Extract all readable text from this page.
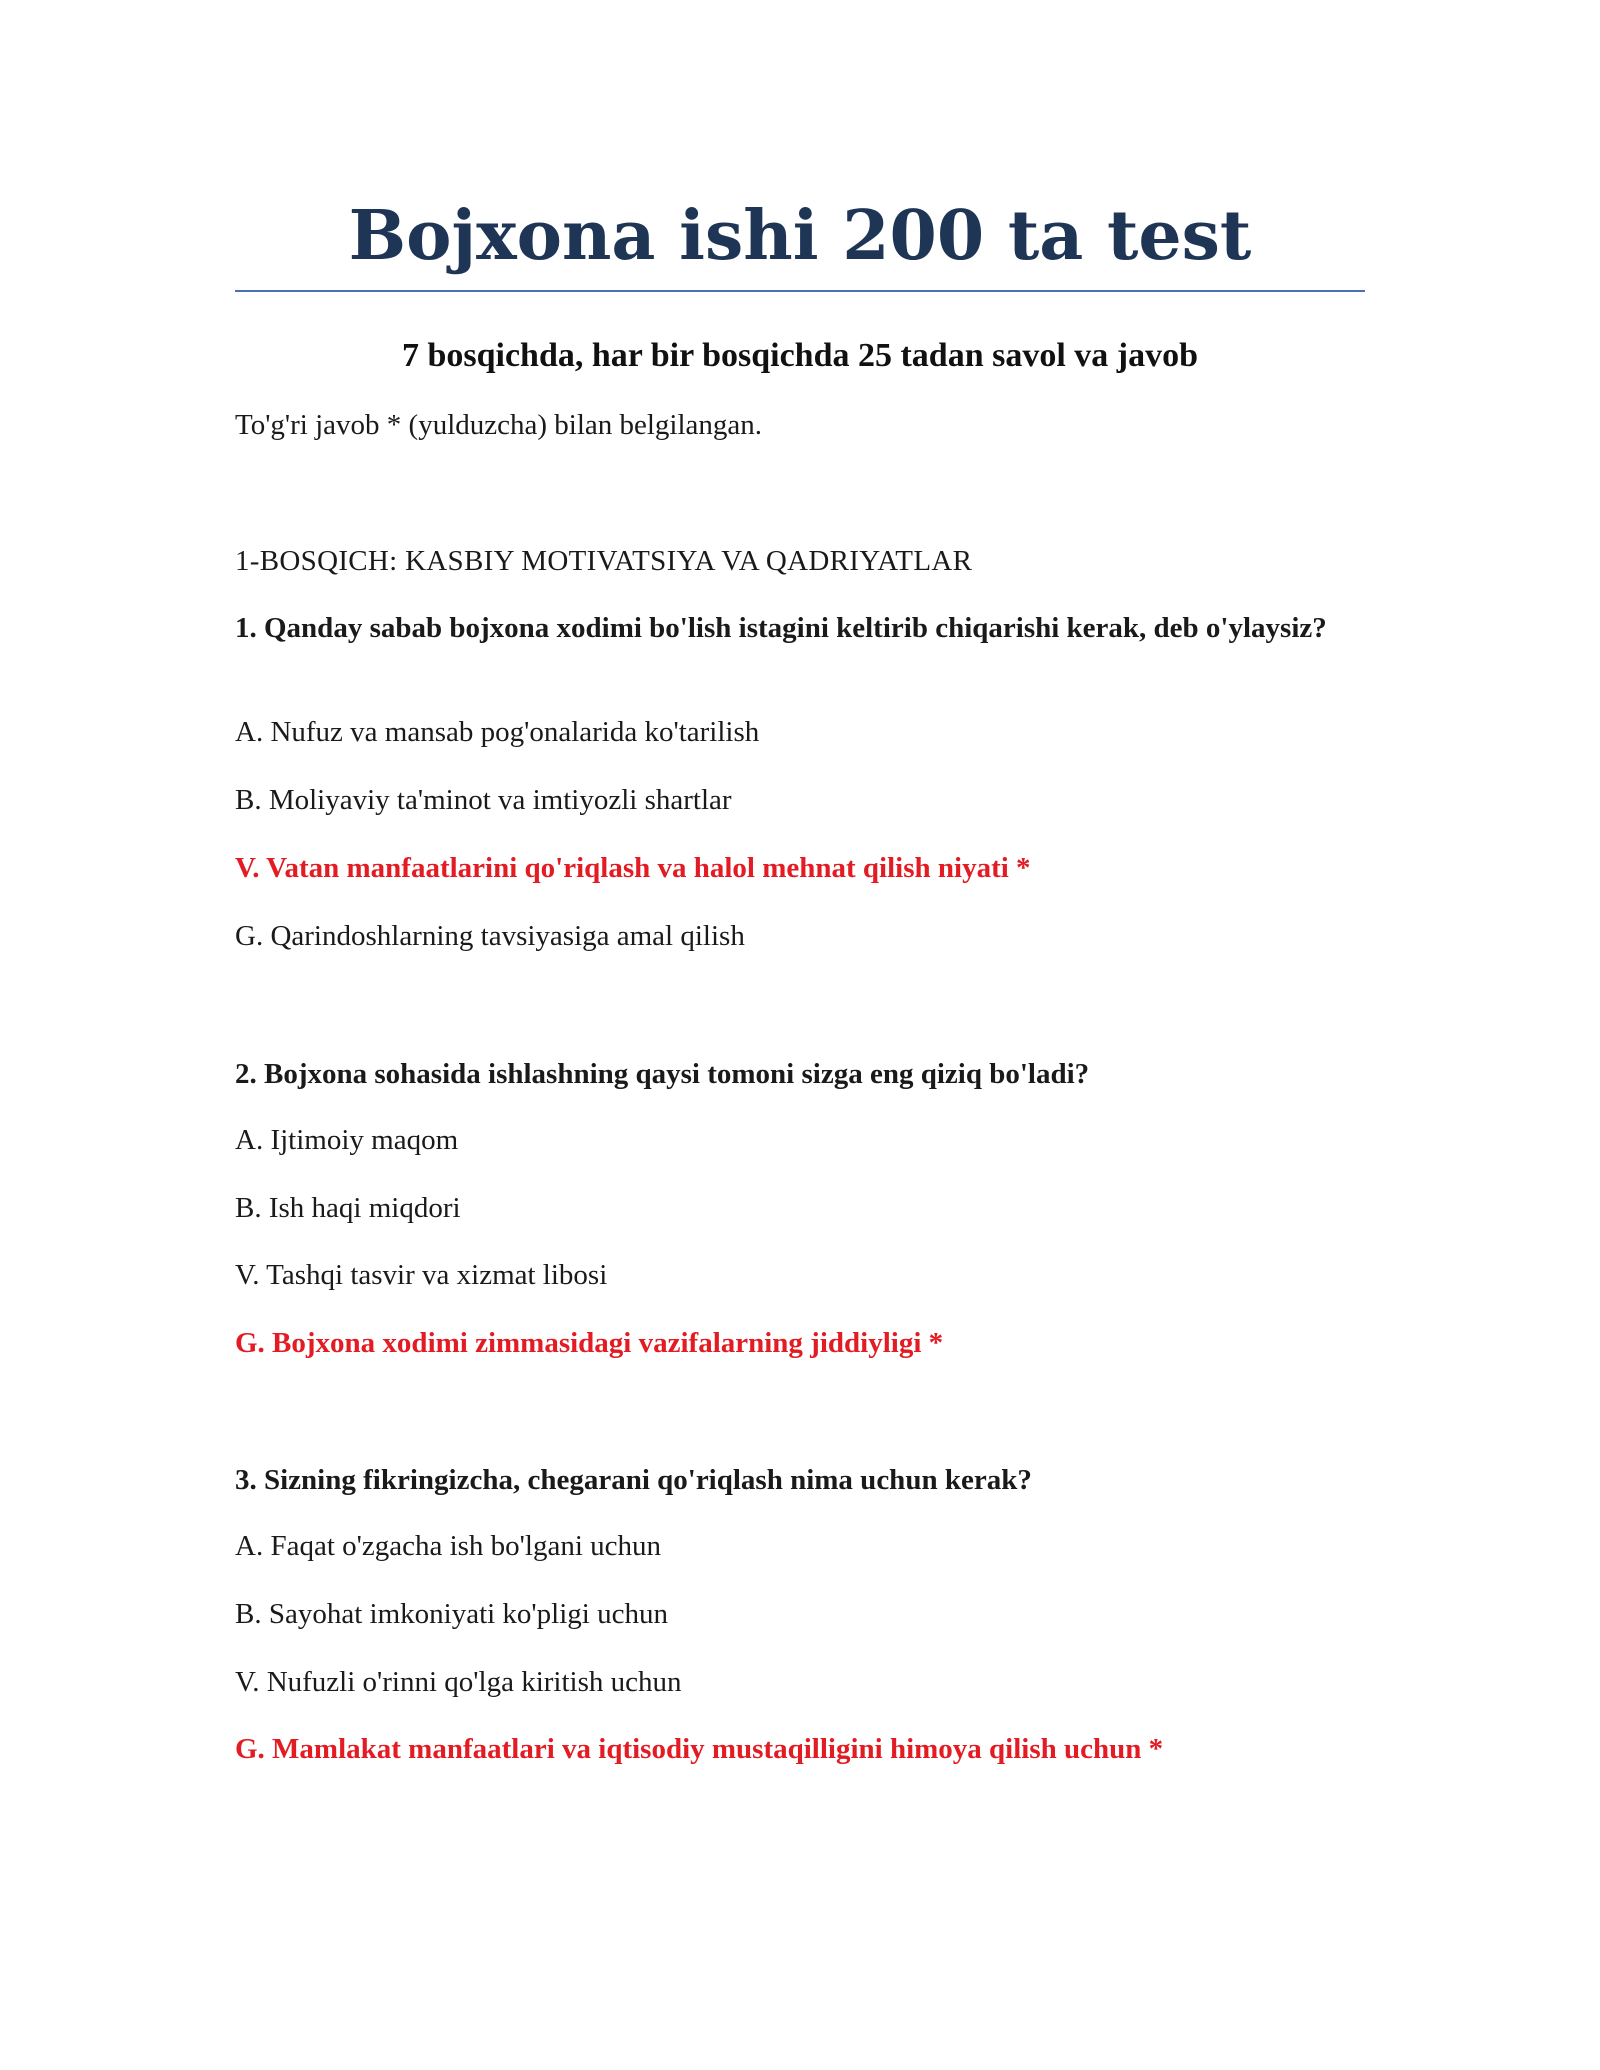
Bojxona ishi 200 ta test
7 bosqichda, har bir bosqichda 25 tadan savol va javob

To'g'ri javob * (yulduzcha) bilan belgilangan.

1-BOSQICH: KASBIY MOTIVATSIYA VA QADRIYATLAR

1. Qanday sabab bojxona xodimi bo'lish istagini keltirib chiqarishi kerak, deb o'ylaysiz?

A. Nufuz va mansab pog'onalarida ko'tarilish

B. Moliyaviy ta'minot va imtiyozli shartlar

V. Vatan manfaatlarini qo'riqlash va halol mehnat qilish niyati *

G. Qarindoshlarning tavsiyasiga amal qilish

2. Bojxona sohasida ishlashning qaysi tomoni sizga eng qiziq bo'ladi?

A. Ijtimoiy maqom

B. Ish haqi miqdori

V. Tashqi tasvir va xizmat libosi

G. Bojxona xodimi zimmasidagi vazifalarning jiddiyligi *

3. Sizning fikringizcha, chegarani qo'riqlash nima uchun kerak?

A. Faqat o'zgacha ish bo'lgani uchun

B. Sayohat imkoniyati ko'pligi uchun

V. Nufuzli o'rinni qo'lga kiritish uchun

G. Mamlakat manfaatlari va iqtisodiy mustaqilligini himoya qilish uchun *
